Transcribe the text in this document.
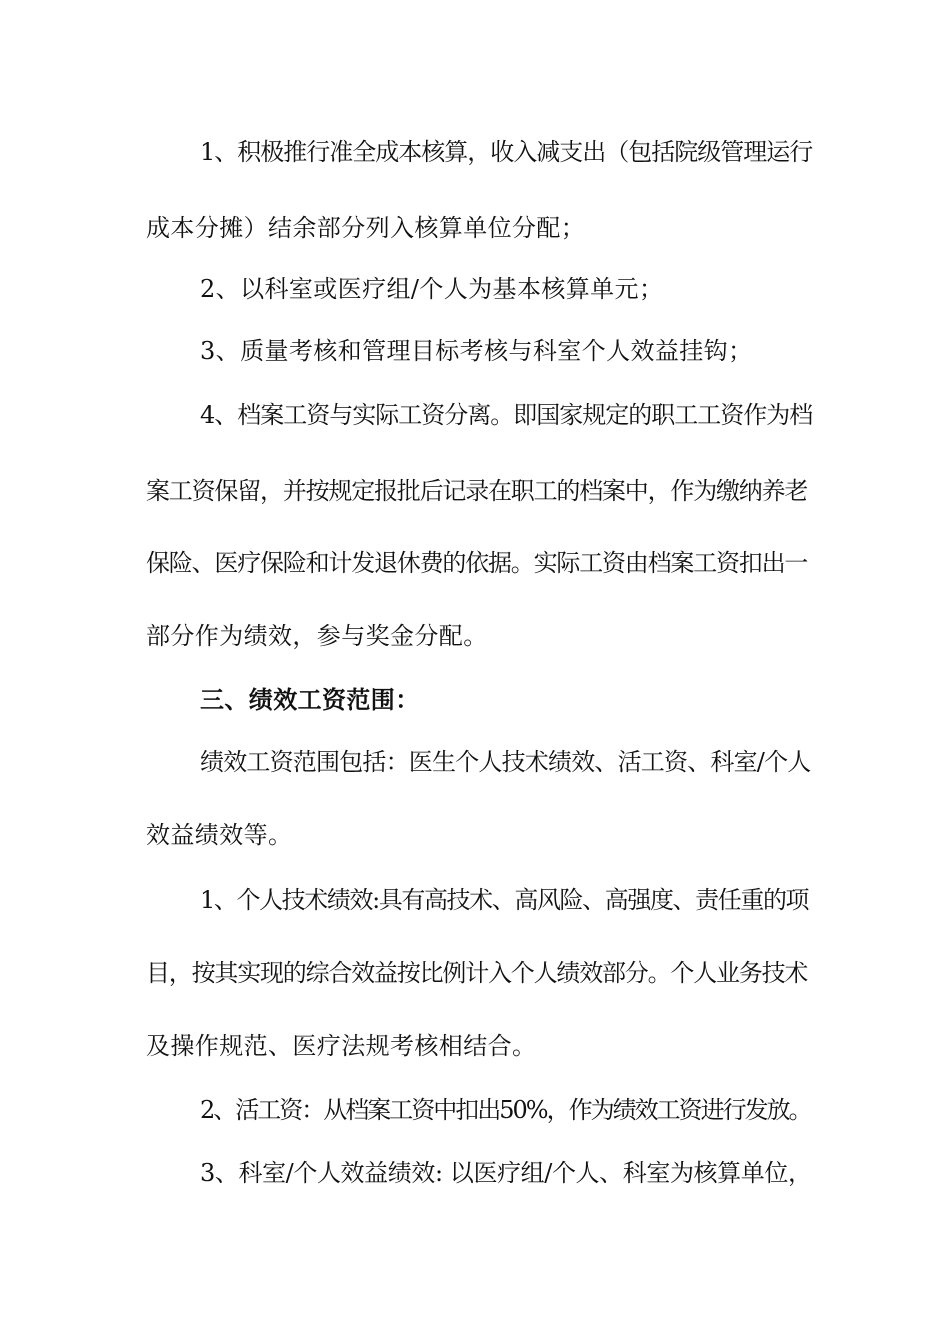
1、积极推行准全成本核算，收入减支出（包括院级管理运行
成本分摊）结余部分列入核算单位分配；
2、以科室或医疗组/个人为基本核算单元；
3、质量考核和管理目标考核与科室个人效益挂钩；
4、档案工资与实际工资分离。即国家规定的职工工资作为档
案工资保留，并按规定报批后记录在职工的档案中，作为缴纳养老
保险、医疗保险和计发退休费的依据。实际工资由档案工资扣出一
部分作为绩效，参与奖金分配。
三、绩效工资范围：
绩效工资范围包括：医生个人技术绩效、活工资、科室/个人
效益绩效等。
1、个人技术绩效:具有高技术、高风险、高强度、责任重的项
目，按其实现的综合效益按比例计入个人绩效部分。个人业务技术
及操作规范、医疗法规考核相结合。
2、活工资：从档案工资中扣出50%，作为绩效工资进行发放。
3、科室/个人效益绩效: 以医疗组/个人、科室为核算单位，
